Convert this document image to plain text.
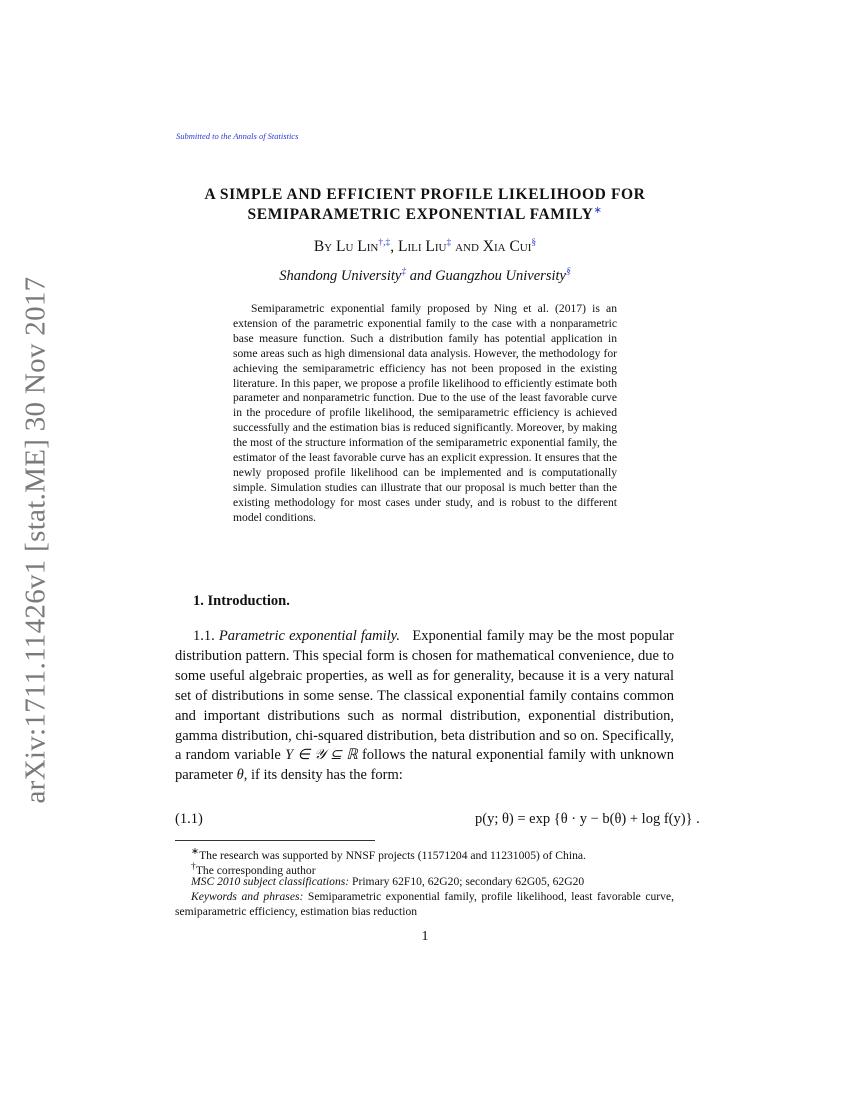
arXiv:1711.11426v1 [stat.ME] 30 Nov 2017
Submitted to the Annals of Statistics
A SIMPLE AND EFFICIENT PROFILE LIKELIHOOD FOR
SEMIPARAMETRIC EXPONENTIAL FAMILY∗
By Lu Lin†,‡, Lili Liu‡ and Xia Cui§
Shandong University‡ and Guangzhou University§

Semiparametric exponential family proposed by Ning et al. (2017) is an extension of the parametric exponential family to the case with a nonparametric base measure function. Such a distribution family has potential application in some areas such as high dimensional data analysis. However, the methodology for achieving the semiparametric efficiency has not been proposed in the existing literature. In this paper, we propose a profile likelihood to efficiently estimate both parameter and nonparametric function. Due to the use of the least favorable curve in the procedure of profile likelihood, the semiparametric efficiency is achieved successfully and the estimation bias is reduced significantly. Moreover, by making the most of the structure information of the semiparametric exponential family, the estimator of the least favorable curve has an explicit expression. It ensures that the newly proposed profile likelihood can be implemented and is computationally simple. Simulation studies can illustrate that our proposal is much better than the existing methodology for most cases under study, and is robust to the different model conditions.

1. Introduction.

1.1. Parametric exponential family. Exponential family may be the most popular distribution pattern. This special form is chosen for mathematical convenience, due to some useful algebraic properties, as well as for generality, because it is a very natural set of distributions in some sense. The classical exponential family contains common and important distributions such as normal distribution, exponential distribution, gamma distribution, chi-squared distribution, beta distribution and so on. Specifically, a random variable Y ∈ 𝒴 ⊆ ℝ follows the natural exponential family with unknown parameter θ, if its density has the form:

(1.1)	p(y; θ) = exp {θ · y − b(θ) + log f(y)} .

∗The research was supported by NNSF projects (11571204 and 11231005) of China.

†The corresponding author

MSC 2010 subject classifications: Primary 62F10, 62G20; secondary 62G05, 62G20

Keywords and phrases: Semiparametric exponential family, profile likelihood, least favorable curve, semiparametric efficiency, estimation bias reduction

1
